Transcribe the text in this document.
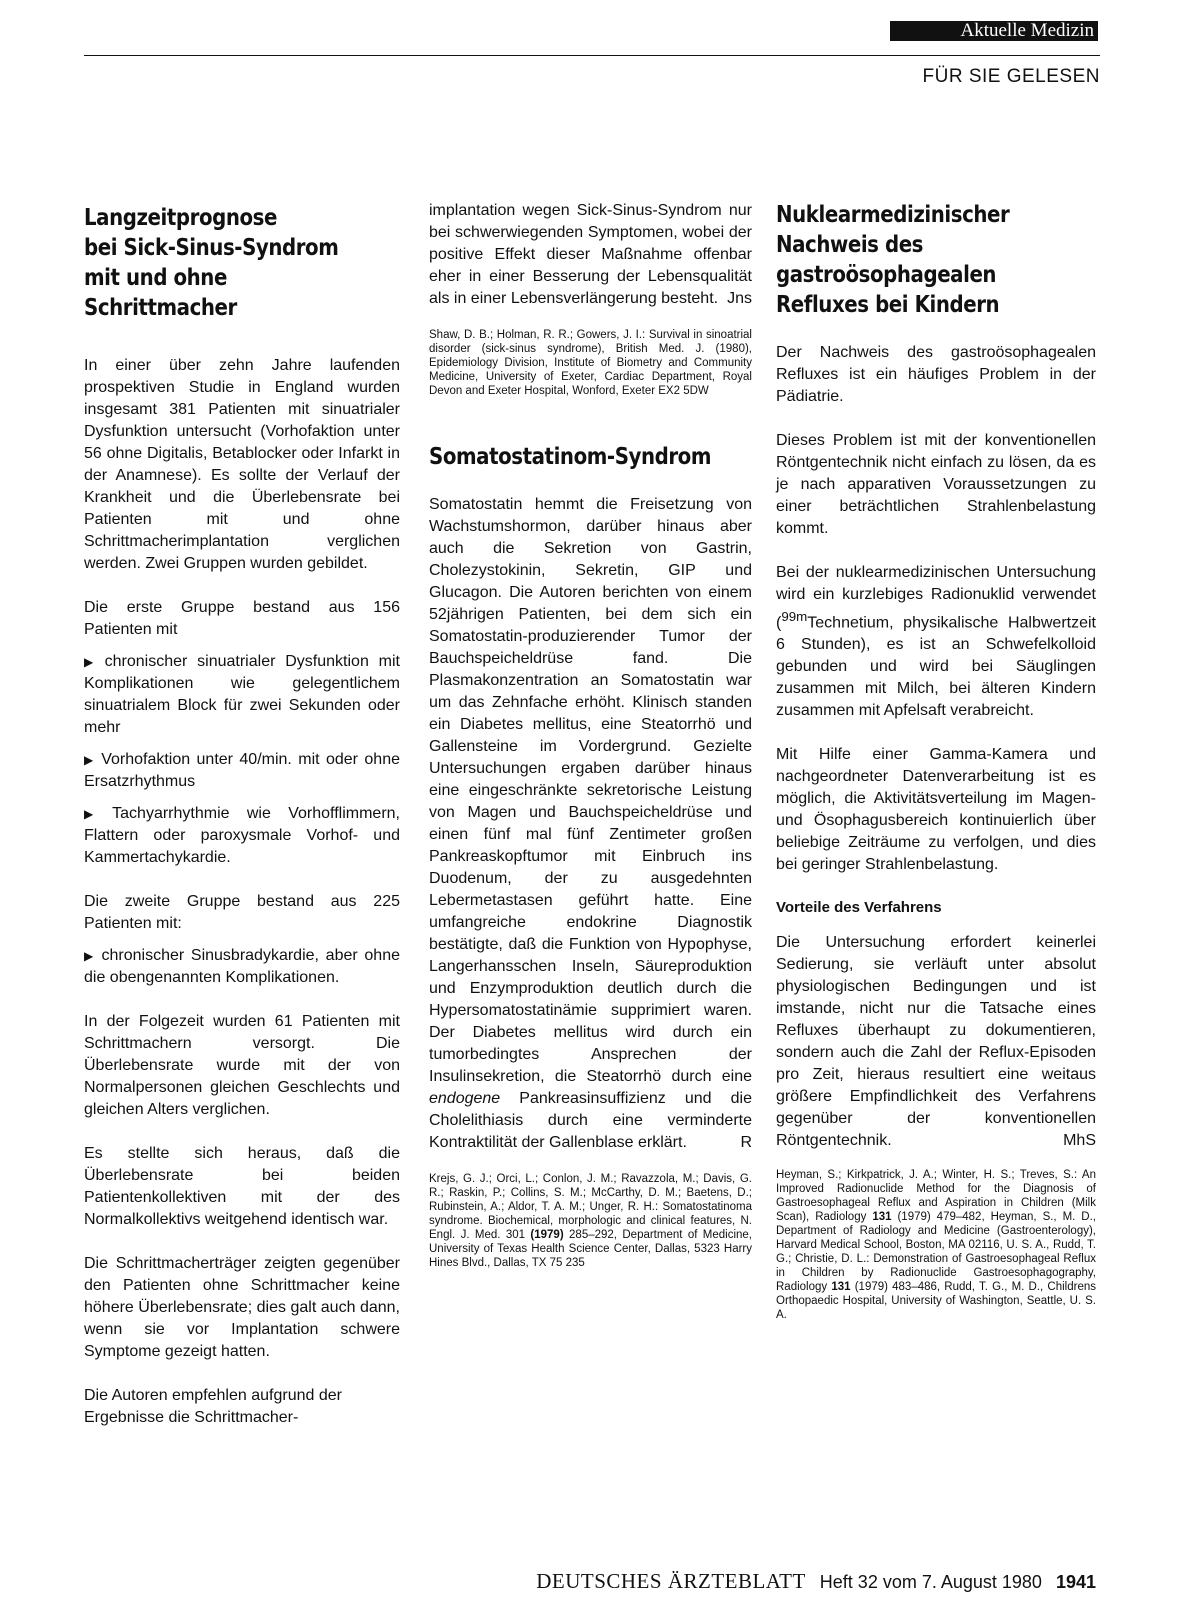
Aktuelle Medizin
FÜR SIE GELESEN
Langzeitprognose
bei Sick-Sinus-Syndrom
mit und ohne
Schrittmacher

In einer über zehn Jahre laufenden prospektiven Studie in England wurden insgesamt 381 Patienten mit sinuatrialer Dysfunktion untersucht (Vorhofaktion unter 56 ohne Digitalis, Betablocker oder Infarkt in der Anamnese). Es sollte der Verlauf der Krankheit und die Überlebensrate bei Patienten mit und ohne Schrittmacherimplantation verglichen werden. Zwei Gruppen wurden gebildet.

Die erste Gruppe bestand aus 156 Patienten mit

▶ chronischer sinuatrialer Dysfunktion mit Komplikationen wie gelegentlichem sinuatrialem Block für zwei Sekunden oder mehr

▶ Vorhofaktion unter 40/min. mit oder ohne Ersatzrhythmus

▶ Tachyarrhythmie wie Vorhofflimmern, Flattern oder paroxysmale Vorhof- und Kammertachykardie.

Die zweite Gruppe bestand aus 225 Patienten mit:

▶ chronischer Sinusbradykardie, aber ohne die obengenannten Komplikationen.

In der Folgezeit wurden 61 Patienten mit Schrittmachern versorgt. Die Überlebensrate wurde mit der von Normalpersonen gleichen Geschlechts und gleichen Alters verglichen.

Es stellte sich heraus, daß die Überlebensrate bei beiden Patientenkollektiven mit der des Normalkollektivs weitgehend identisch war.

Die Schrittmacherträger zeigten gegenüber den Patienten ohne Schrittmacher keine höhere Überlebensrate; dies galt auch dann, wenn sie vor Implantation schwere Symptome gezeigt hatten.

Die Autoren empfehlen aufgrund der Ergebnisse die Schrittmacher-

implantation wegen Sick-Sinus-Syndrom nur bei schwerwiegenden Symptomen, wobei der positive Effekt dieser Maßnahme offenbar eher in einer Besserung der Lebensqualität als in einer Lebensverlängerung besteht. Jns

Shaw, D. B.; Holman, R. R.; Gowers, J. I.: Survival in sinoatrial disorder (sick-sinus syndrome), British Med. J. (1980), Epidemiology Division, Institute of Biometry and Community Medicine, University of Exeter, Cardiac Department, Royal Devon and Exeter Hospital, Wonford, Exeter EX2 5DW

Somatostatinom-Syndrom

Somatostatin hemmt die Freisetzung von Wachstumshormon, darüber hinaus aber auch die Sekretion von Gastrin, Cholezystokinin, Sekretin, GIP und Glucagon. Die Autoren berichten von einem 52jährigen Patienten, bei dem sich ein Somatostatin-produzierender Tumor der Bauchspeicheldrüse fand. Die Plasmakonzentration an Somatostatin war um das Zehnfache erhöht. Klinisch standen ein Diabetes mellitus, eine Steatorrhö und Gallensteine im Vordergrund. Gezielte Untersuchungen ergaben darüber hinaus eine eingeschränkte sekretorische Leistung von Magen und Bauchspeicheldrüse und einen fünf mal fünf Zentimeter großen Pankreaskopftumor mit Einbruch ins Duodenum, der zu ausgedehnten Lebermetastasen geführt hatte. Eine umfangreiche endokrine Diagnostik bestätigte, daß die Funktion von Hypophyse, Langerhansschen Inseln, Säureproduktion und Enzymproduktion deutlich durch die Hypersomatostatinämie supprimiert waren. Der Diabetes mellitus wird durch ein tumorbedingtes Ansprechen der Insulinsekretion, die Steatorrhö durch eine endogene Pankreasinsuffizienz und die Cholelithiasis durch eine verminderte Kontraktilität der Gallenblase erklärt.	R

Krejs, G. J.; Orci, L.; Conlon, J. M.; Ravazzola, M.; Davis, G. R.; Raskin, P.; Collins, S. M.; McCarthy, D. M.; Baetens, D.; Rubinstein, A.; Aldor, T. A. M.; Unger, R. H.: Somatostatinoma syndrome. Biochemical, morphologic and clinical features, N. Engl. J. Med. 301 (1979) 285–292, Department of Medicine, University of Texas Health Science Center, Dallas, 5323 Harry Hines Blvd., Dallas, TX 75 235

Nuklearmedizinischer
Nachweis des
gastroösophagealen
Refluxes bei Kindern

Der Nachweis des gastroösophagealen Refluxes ist ein häufiges Problem in der Pädiatrie.

Dieses Problem ist mit der konventionellen Röntgentechnik nicht einfach zu lösen, da es je nach apparativen Voraussetzungen zu einer beträchtlichen Strahlenbelastung kommt.

Bei der nuklearmedizinischen Untersuchung wird ein kurzlebiges Radionuklid verwendet ($^{99m}$Technetium, physikalische Halbwertzeit 6 Stunden), es ist an Schwefelkolloid gebunden und wird bei Säuglingen zusammen mit Milch, bei älteren Kindern zusammen mit Apfelsaft verabreicht.

Mit Hilfe einer Gamma-Kamera und nachgeordneter Datenverarbeitung ist es möglich, die Aktivitätsverteilung im Magen- und Ösophagusbereich kontinuierlich über beliebige Zeiträume zu verfolgen, und dies bei geringer Strahlenbelastung.

Vorteile des Verfahrens

Die Untersuchung erfordert keinerlei Sedierung, sie verläuft unter absolut physiologischen Bedingungen und ist imstande, nicht nur die Tatsache eines Refluxes überhaupt zu dokumentieren, sondern auch die Zahl der Reflux-Episoden pro Zeit, hieraus resultiert eine weitaus größere Empfindlichkeit des Verfahrens gegenüber der konventionellen Röntgentechnik.	MhS

Heyman, S.; Kirkpatrick, J. A.; Winter, H. S.; Treves, S.: An Improved Radionuclide Method for the Diagnosis of Gastroesophageal Reflux and Aspiration in Children (Milk Scan), Radiology 131 (1979) 479–482, Heyman, S., M. D., Department of Radiology and Medicine (Gastroenterology), Harvard Medical School, Boston, MA 02116, U. S. A., Rudd, T. G.; Christie, D. L.: Demonstration of Gastroesophageal Reflux in Children by Radionuclide Gastroesophagography, Radiology 131 (1979) 483–486, Rudd, T. G., M. D., Childrens Orthopaedic Hospital, University of Washington, Seattle, U. S. A.

DEUTSCHES ÄRZTEBLATT Heft 32 vom 7. August 1980 1941
